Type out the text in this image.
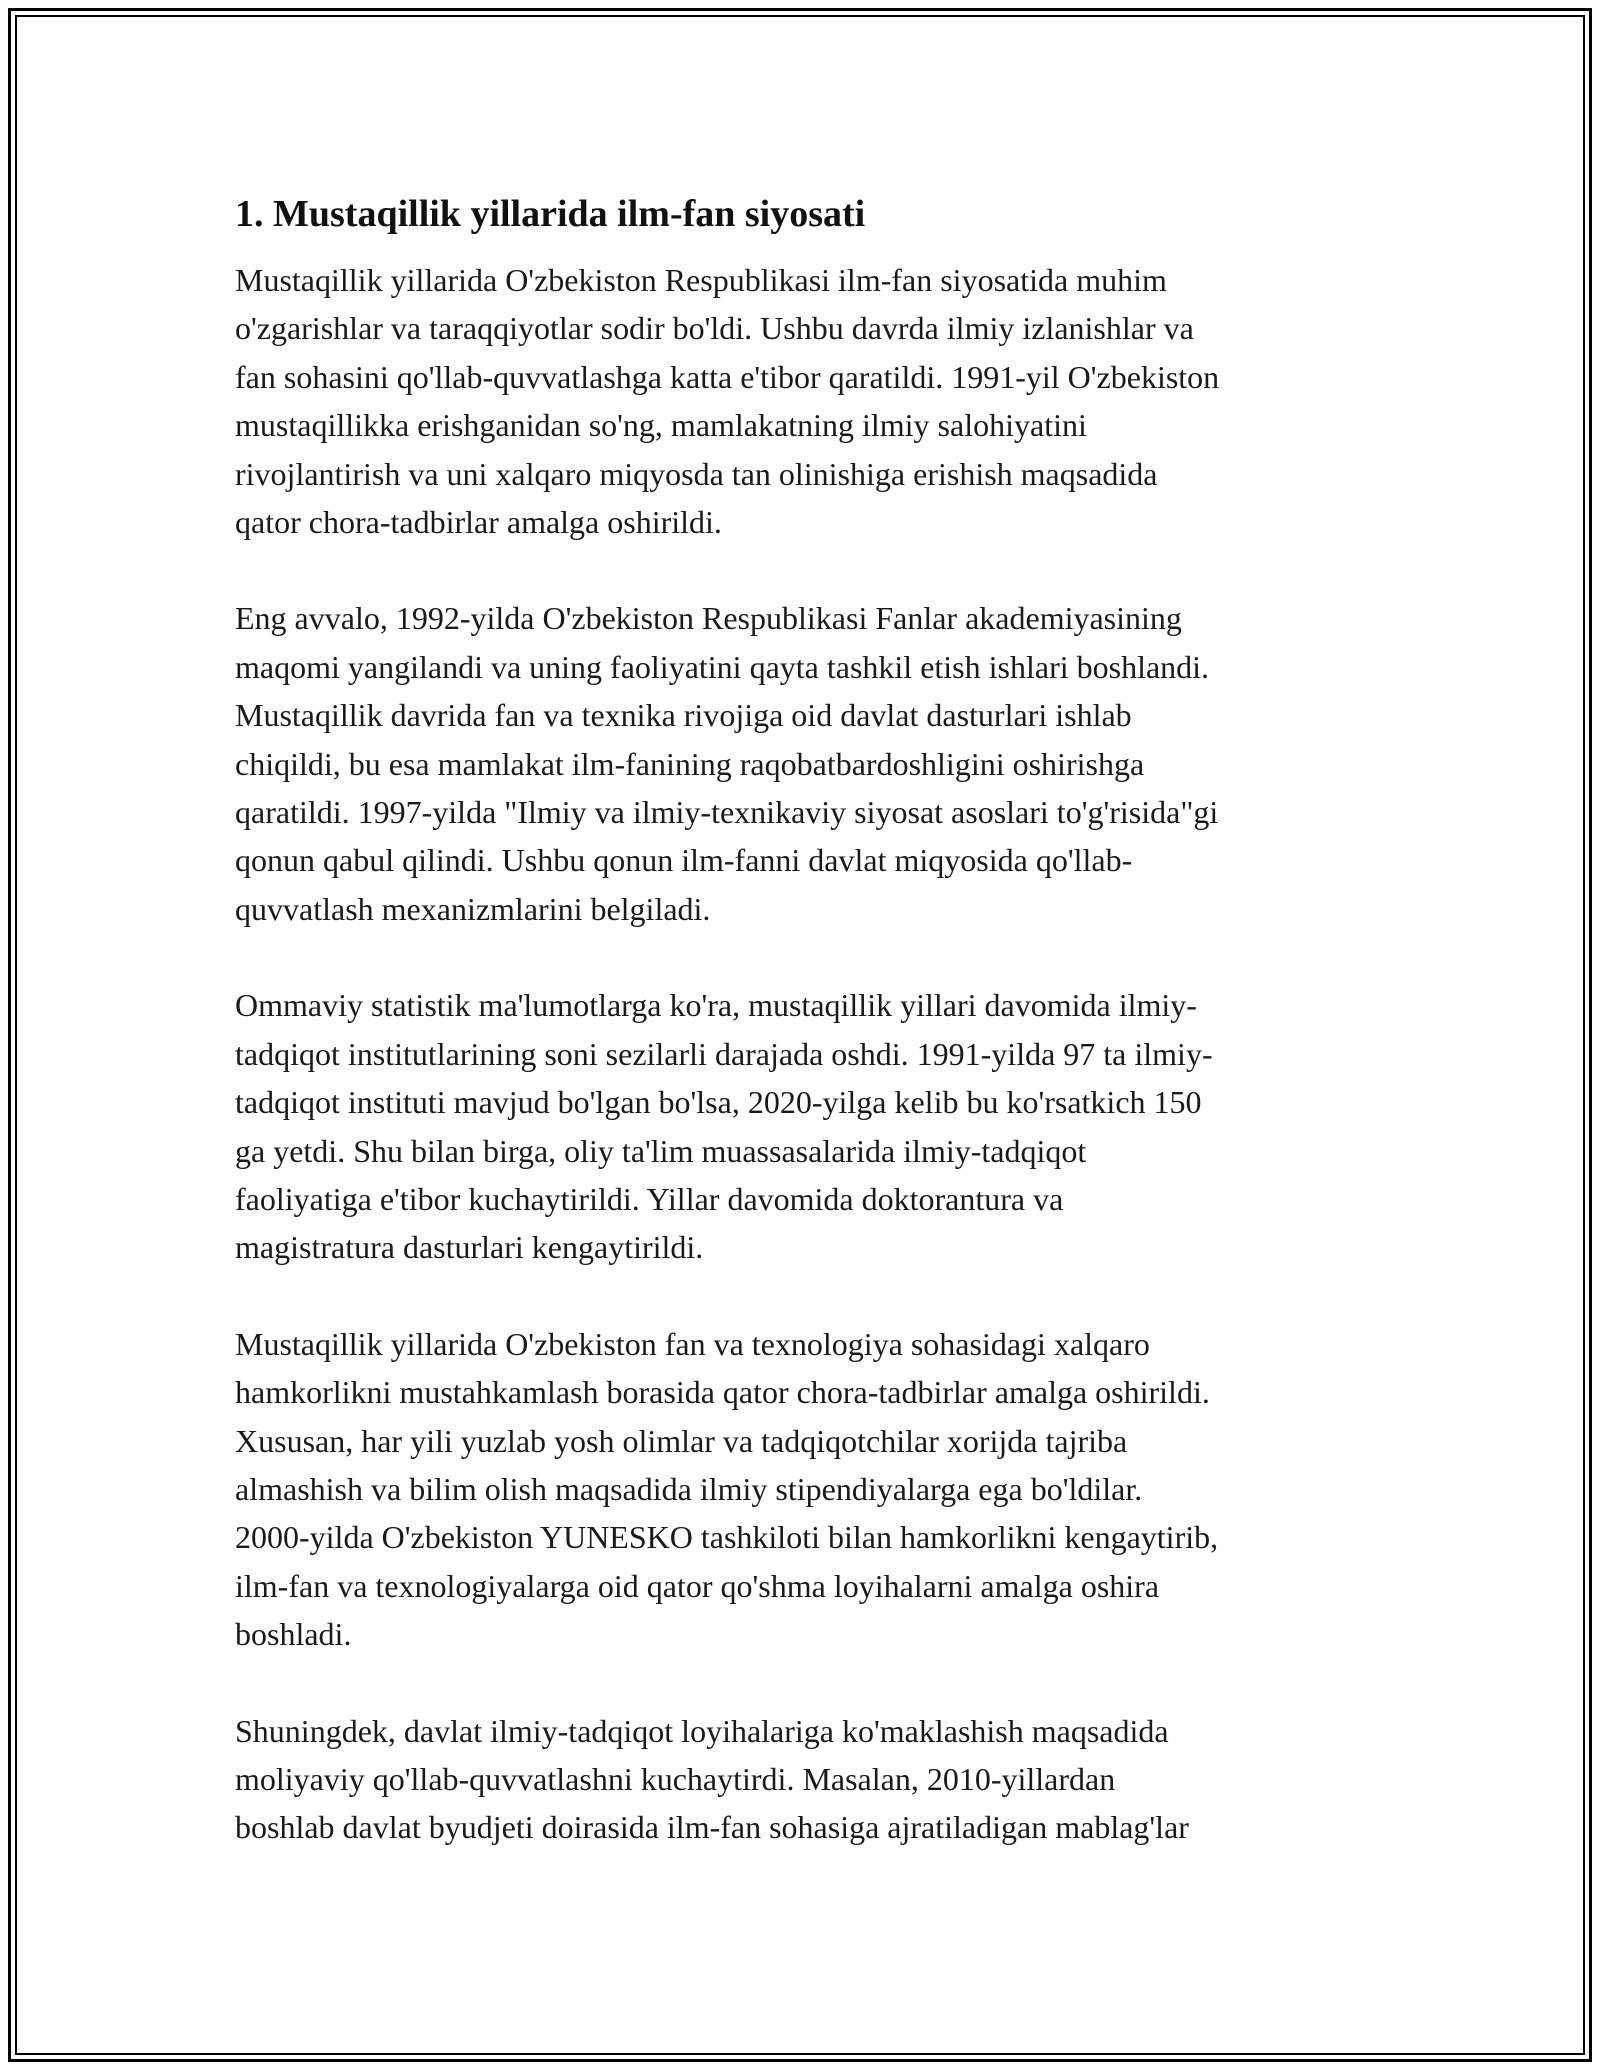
1. Mustaqillik yillarida ilm-fan siyosati

Mustaqillik yillarida O'zbekiston Respublikasi ilm-fan siyosatida muhim
o'zgarishlar va taraqqiyotlar sodir bo'ldi. Ushbu davrda ilmiy izlanishlar va
fan sohasini qo'llab-quvvatlashga katta e'tibor qaratildi. 1991-yil O'zbekiston
mustaqillikka erishganidan so'ng, mamlakatning ilmiy salohiyatini
rivojlantirish va uni xalqaro miqyosda tan olinishiga erishish maqsadida
qator chora-tadbirlar amalga oshirildi.

Eng avvalo, 1992-yilda O'zbekiston Respublikasi Fanlar akademiyasining
maqomi yangilandi va uning faoliyatini qayta tashkil etish ishlari boshlandi.
Mustaqillik davrida fan va texnika rivojiga oid davlat dasturlari ishlab
chiqildi, bu esa mamlakat ilm-fanining raqobatbardoshligini oshirishga
qaratildi. 1997-yilda "Ilmiy va ilmiy-texnikaviy siyosat asoslari to'g'risida"gi
qonun qabul qilindi. Ushbu qonun ilm-fanni davlat miqyosida qo'llab-
quvvatlash mexanizmlarini belgiladi.

Ommaviy statistik ma'lumotlarga ko'ra, mustaqillik yillari davomida ilmiy-
tadqiqot institutlarining soni sezilarli darajada oshdi. 1991-yilda 97 ta ilmiy-
tadqiqot instituti mavjud bo'lgan bo'lsa, 2020-yilga kelib bu ko'rsatkich 150
ga yetdi. Shu bilan birga, oliy ta'lim muassasalarida ilmiy-tadqiqot
faoliyatiga e'tibor kuchaytirildi. Yillar davomida doktorantura va
magistratura dasturlari kengaytirildi.

Mustaqillik yillarida O'zbekiston fan va texnologiya sohasidagi xalqaro
hamkorlikni mustahkamlash borasida qator chora-tadbirlar amalga oshirildi.
Xususan, har yili yuzlab yosh olimlar va tadqiqotchilar xorijda tajriba
almashish va bilim olish maqsadida ilmiy stipendiyalarga ega bo'ldilar.
2000-yilda O'zbekiston YUNESKO tashkiloti bilan hamkorlikni kengaytirib,
ilm-fan va texnologiyalarga oid qator qo'shma loyihalarni amalga oshira
boshladi.

Shuningdek, davlat ilmiy-tadqiqot loyihalariga ko'maklashish maqsadida
moliyaviy qo'llab-quvvatlashni kuchaytirdi. Masalan, 2010-yillardan
boshlab davlat byudjeti doirasida ilm-fan sohasiga ajratiladigan mablag'lar
